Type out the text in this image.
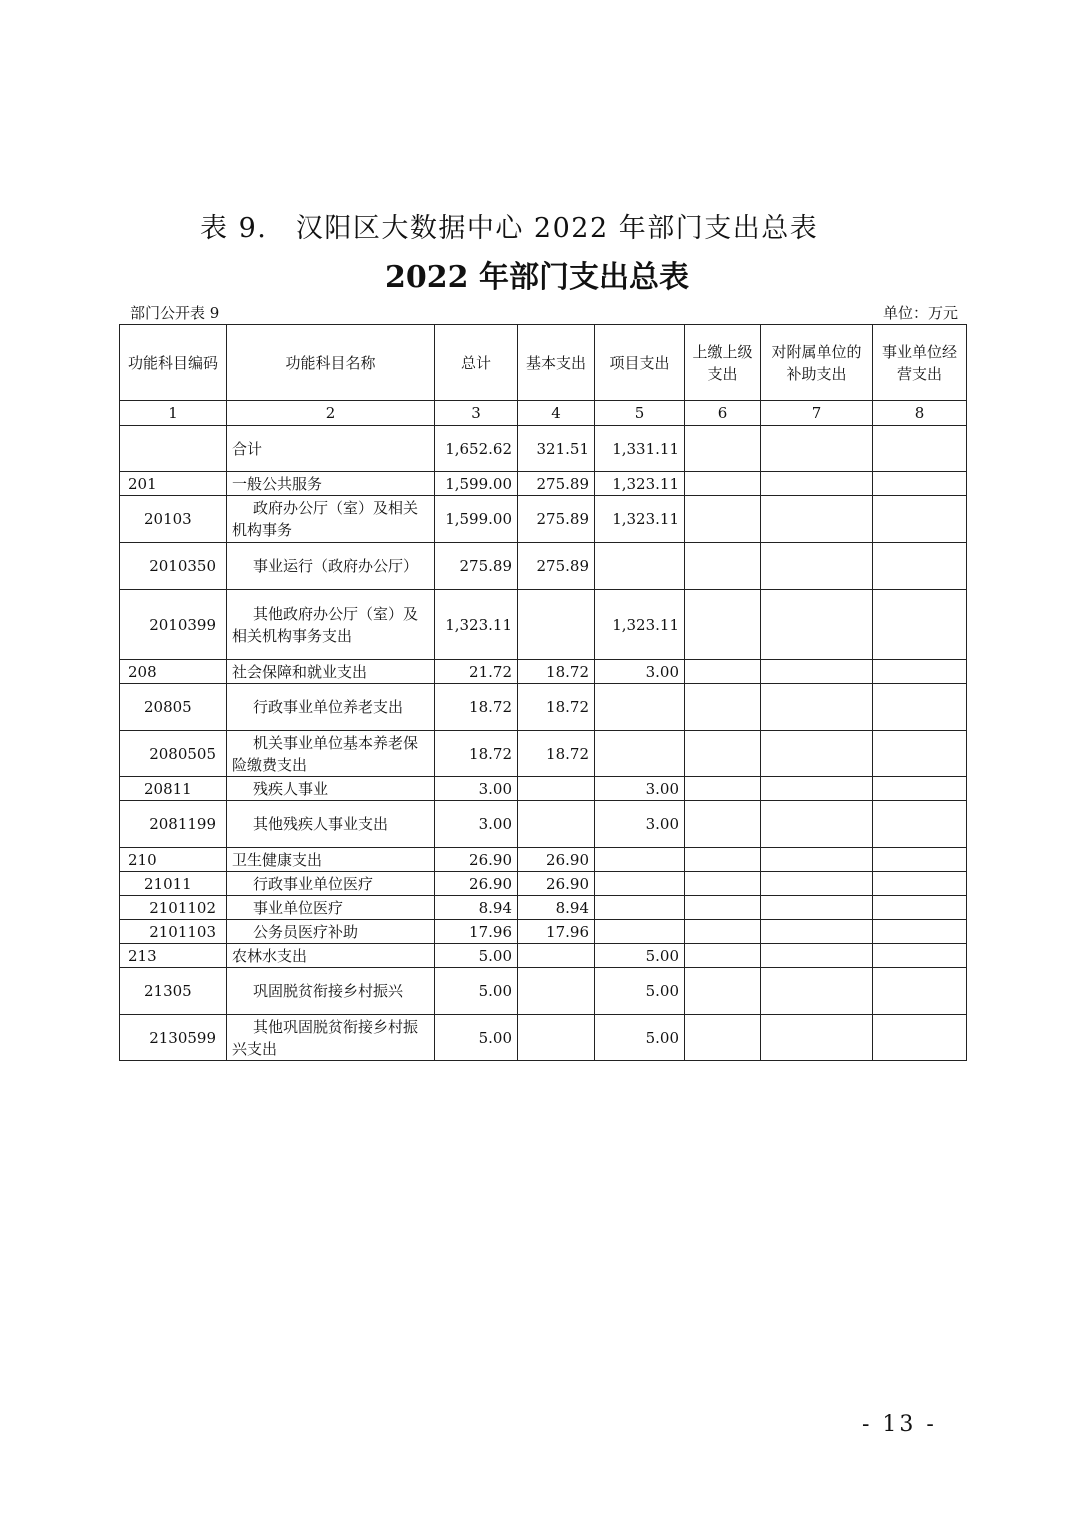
表 9.　汉阳区大数据中心 2022 年部门支出总表
2022 年部门支出总表
部门公开表 9	单位：万元
功能科目编码	功能科目名称	总计	基本支出	项目支出	上缴上级支出	对附属单位的补助支出	事业单位经营支出
1	2	3	4	5	6	7	8
	合计	1,652.62	321.51	1,331.11			
201	一般公共服务	1,599.00	275.89	1,323.11			
20103	政府办公厅（室）及相关机构事务	1,599.00	275.89	1,323.11			
2010350	事业运行（政府办公厅）	275.89	275.89				
2010399	其他政府办公厅（室）及相关机构事务支出	1,323.11		1,323.11			
208	社会保障和就业支出	21.72	18.72	3.00			
20805	行政事业单位养老支出	18.72	18.72				
2080505	机关事业单位基本养老保险缴费支出	18.72	18.72				
20811	残疾人事业	3.00		3.00			
2081199	其他残疾人事业支出	3.00		3.00			
210	卫生健康支出	26.90	26.90				
21011	行政事业单位医疗	26.90	26.90				
2101102	事业单位医疗	8.94	8.94				
2101103	公务员医疗补助	17.96	17.96				
213	农林水支出	5.00		5.00			
21305	巩固脱贫衔接乡村振兴	5.00		5.00			
2130599	其他巩固脱贫衔接乡村振兴支出	5.00		5.00			
- 13 -
